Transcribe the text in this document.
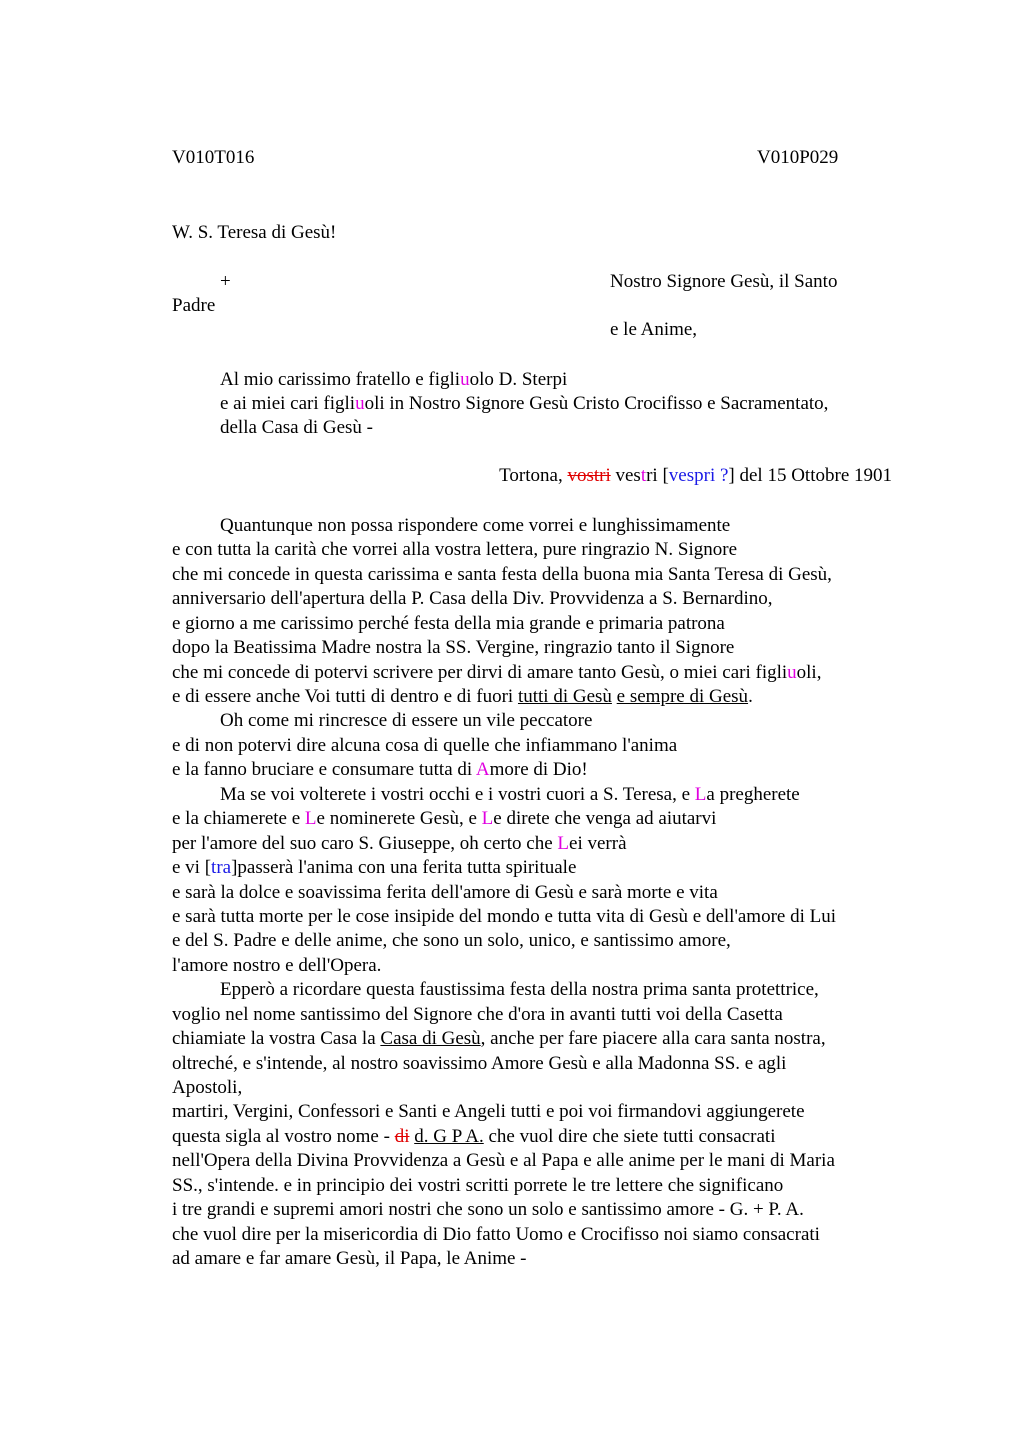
V010T016	V010P029
W. S. Teresa di Gesù!
+	Nostro Signore Gesù, il Santo
Padre
e le Anime,
Al mio carissimo fratello e figliuolo D. Sterpi
e ai miei cari figliuoli in Nostro Signore Gesù Cristo Crocifisso e Sacramentato,
della Casa di Gesù -
Tortona, vostri vestri [vespri ?] del 15 Ottobre 1901
Quantunque non possa rispondere come vorrei e lunghissimamente
e con tutta la carità che vorrei alla vostra lettera, pure ringrazio N. Signore
che mi concede in questa carissima e santa festa della buona mia Santa Teresa di Gesù,
anniversario dell'apertura della P. Casa della Div. Provvidenza a S. Bernardino,
e giorno a me carissimo perché festa della mia grande e primaria patrona
dopo la Beatissima Madre nostra la SS. Vergine, ringrazio tanto il Signore
che mi concede di potervi scrivere per dirvi di amare tanto Gesù, o miei cari figliuoli,
e di essere anche Voi tutti di dentro e di fuori tutti di Gesù e sempre di Gesù.
Oh come mi rincresce di essere un vile peccatore
e di non potervi dire alcuna cosa di quelle che infiammano l'anima
e la fanno bruciare e consumare tutta di Amore di Dio!
Ma se voi volterete i vostri occhi e i vostri cuori a S. Teresa, e La pregherete
e la chiamerete e Le nominerete Gesù, e Le direte che venga ad aiutarvi
per l'amore del suo caro S. Giuseppe, oh certo che Lei verrà
e vi [tra]passerà l'anima con una ferita tutta spirituale
e sarà la dolce e soavissima ferita dell'amore di Gesù e sarà morte e vita
e sarà tutta morte per le cose insipide del mondo e tutta vita di Gesù e dell'amore di Lui
e del S. Padre e delle anime, che sono un solo, unico, e santissimo amore,
l'amore nostro e dell'Opera.
Epperò a ricordare questa faustissima festa della nostra prima santa protettrice,
voglio nel nome santissimo del Signore che d'ora in avanti tutti voi della Casetta
chiamiate la vostra Casa la Casa di Gesù, anche per fare piacere alla cara santa nostra,
oltreché, e s'intende, al nostro soavissimo Amore Gesù e alla Madonna SS. e agli
Apostoli,
martiri, Vergini, Confessori e Santi e Angeli tutti e poi voi firmandovi aggiungerete
questa sigla al vostro nome - di d. G P A. che vuol dire che siete tutti consacrati
nell'Opera della Divina Provvidenza a Gesù e al Papa e alle anime per le mani di Maria
SS., s'intende. e in principio dei vostri scritti porrete le tre lettere che significano
i tre grandi e supremi amori nostri che sono un solo e santissimo amore - G. + P. A.
che vuol dire per la misericordia di Dio fatto Uomo e Crocifisso noi siamo consacrati
ad amare e far amare Gesù, il Papa, le Anime -
